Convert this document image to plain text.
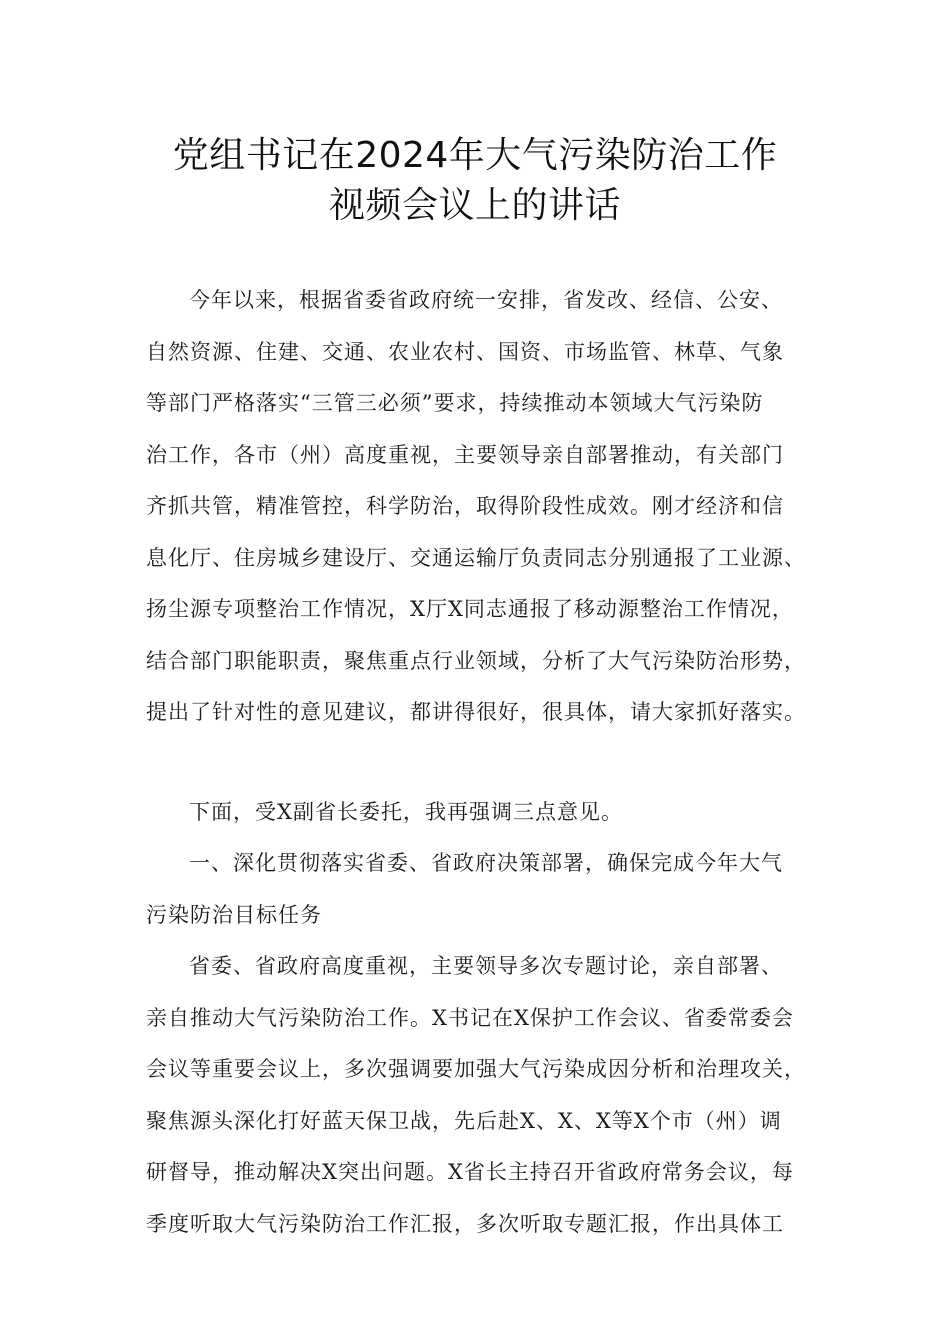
党组书记在2024年大气污染防治工作
视频会议上的讲话

今年以来，根据省委省政府统一安排，省发改、经信、公安、

自然资源、住建、交通、农业农村、国资、市场监管、林草、气象

等部门严格落实“三管三必须”要求，持续推动本领域大气污染防

治工作，各市（州）高度重视，主要领导亲自部署推动，有关部门

齐抓共管，精准管控，科学防治，取得阶段性成效。刚才经济和信

息化厅、住房城乡建设厅、交通运输厅负责同志分别通报了工业源、

扬尘源专项整治工作情况，X厅X同志通报了移动源整治工作情况，

结合部门职能职责，聚焦重点行业领域，分析了大气污染防治形势，

提出了针对性的意见建议，都讲得很好，很具体，请大家抓好落实。

下面，受X副省长委托，我再强调三点意见。

一、深化贯彻落实省委、省政府决策部署，确保完成今年大气

污染防治目标任务

省委、省政府高度重视，主要领导多次专题讨论，亲自部署、

亲自推动大气污染防治工作。X书记在X保护工作会议、省委常委会

会议等重要会议上，多次强调要加强大气污染成因分析和治理攻关，

聚焦源头深化打好蓝天保卫战，先后赴X、X、X等X个市（州）调

研督导，推动解决X突出问题。X省长主持召开省政府常务会议，每

季度听取大气污染防治工作汇报，多次听取专题汇报，作出具体工
